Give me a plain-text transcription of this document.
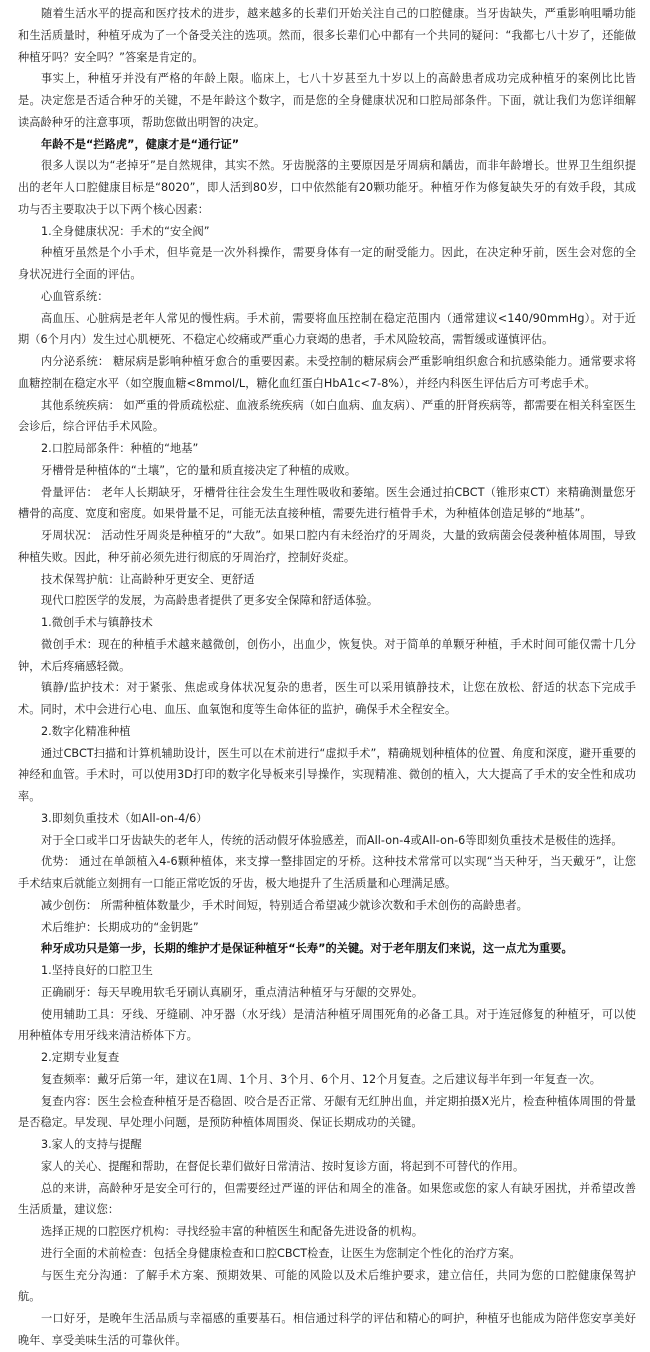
随着生活水平的提高和医疗技术的进步，越来越多的长辈们开始关注自己的口腔健康。当牙齿缺失，严重影响咀嚼功能和生活质量时，种植牙成为了一个备受关注的选项。然而，很多长辈们心中都有一个共同的疑问：“我都七八十岁了，还能做种植牙吗？安全吗？”答案是肯定的。

事实上，种植牙并没有严格的年龄上限。临床上，七八十岁甚至九十岁以上的高龄患者成功完成种植牙的案例比比皆是。决定您是否适合种牙的关键，不是年龄这个数字，而是您的全身健康状况和口腔局部条件。下面，就让我们为您详细解读高龄种牙的注意事项，帮助您做出明智的决定。

年龄不是“拦路虎”，健康才是“通行证”

很多人误以为“老掉牙”是自然规律，其实不然。牙齿脱落的主要原因是牙周病和龋齿，而非年龄增长。世界卫生组织提出的老年人口腔健康目标是“8020”，即人活到80岁，口中依然能有20颗功能牙。种植牙作为修复缺失牙的有效手段，其成功与否主要取决于以下两个核心因素：

1.全身健康状况：手术的“安全阀”

种植牙虽然是个小手术，但毕竟是一次外科操作，需要身体有一定的耐受能力。因此，在决定种牙前，医生会对您的全身状况进行全面的评估。

心血管系统：

高血压、心脏病是老年人常见的慢性病。手术前，需要将血压控制在稳定范围内（通常建议<140/90mmHg）。对于近期（6个月内）发生过心肌梗死、不稳定心绞痛或严重心力衰竭的患者，手术风险较高，需暂缓或谨慎评估。

内分泌系统： 糖尿病是影响种植牙愈合的重要因素。未受控制的糖尿病会严重影响组织愈合和抗感染能力。通常要求将血糖控制在稳定水平（如空腹血糖<8mmol/L，糖化血红蛋白HbA1c<7-8%），并经内科医生评估后方可考虑手术。

其他系统疾病： 如严重的骨质疏松症、血液系统疾病（如白血病、血友病）、严重的肝肾疾病等，都需要在相关科室医生会诊后，综合评估手术风险。

2.口腔局部条件：种植的“地基”

牙槽骨是种植体的“土壤”，它的量和质直接决定了种植的成败。

骨量评估： 老年人长期缺牙，牙槽骨往往会发生生理性吸收和萎缩。医生会通过拍CBCT（锥形束CT）来精确测量您牙槽骨的高度、宽度和密度。如果骨量不足，可能无法直接种植，需要先进行植骨手术，为种植体创造足够的“地基”。

牙周状况： 活动性牙周炎是种植牙的“大敌”。如果口腔内有未经治疗的牙周炎，大量的致病菌会侵袭种植体周围，导致种植失败。因此，种牙前必须先进行彻底的牙周治疗，控制好炎症。

技术保驾护航：让高龄种牙更安全、更舒适

现代口腔医学的发展，为高龄患者提供了更多安全保障和舒适体验。

1.微创手术与镇静技术

微创手术：现在的种植手术越来越微创，创伤小，出血少，恢复快。对于简单的单颗牙种植，手术时间可能仅需十几分钟，术后疼痛感轻微。

镇静/监护技术：对于紧张、焦虑或身体状况复杂的患者，医生可以采用镇静技术，让您在放松、舒适的状态下完成手术。同时，术中会进行心电、血压、血氧饱和度等生命体征的监护，确保手术全程安全。

2.数字化精准种植

通过CBCT扫描和计算机辅助设计，医生可以在术前进行“虚拟手术”，精确规划种植体的位置、角度和深度，避开重要的神经和血管。手术时，可以使用3D打印的数字化导板来引导操作，实现精准、微创的植入，大大提高了手术的安全性和成功率。

3.即刻负重技术（如All-on-4/6）

对于全口或半口牙齿缺失的老年人，传统的活动假牙体验感差，而All-on-4或All-on-6等即刻负重技术是极佳的选择。

优势： 通过在单颌植入4-6颗种植体，来支撑一整排固定的牙桥。这种技术常常可以实现“当天种牙，当天戴牙”，让您手术结束后就能立刻拥有一口能正常吃饭的牙齿，极大地提升了生活质量和心理满足感。

减少创伤： 所需种植体数量少，手术时间短，特别适合希望减少就诊次数和手术创伤的高龄患者。

术后维护：长期成功的“金钥匙”

种牙成功只是第一步，长期的维护才是保证种植牙“长寿”的关键。对于老年朋友们来说，这一点尤为重要。

1.坚持良好的口腔卫生

正确刷牙：每天早晚用软毛牙刷认真刷牙，重点清洁种植牙与牙龈的交界处。

使用辅助工具：牙线、牙缝刷、冲牙器（水牙线）是清洁种植牙周围死角的必备工具。对于连冠修复的种植牙，可以使用种植体专用牙线来清洁桥体下方。

2.定期专业复查

复查频率：戴牙后第一年，建议在1周、1个月、3个月、6个月、12个月复查。之后建议每半年到一年复查一次。

复查内容：医生会检查种植牙是否稳固、咬合是否正常、牙龈有无红肿出血，并定期拍摄X光片，检查种植体周围的骨量是否稳定。早发现、早处理小问题，是预防种植体周围炎、保证长期成功的关键。

3.家人的支持与提醒

家人的关心、提醒和帮助，在督促长辈们做好日常清洁、按时复诊方面，将起到不可替代的作用。

总的来讲，高龄种牙是安全可行的，但需要经过严谨的评估和周全的准备。如果您或您的家人有缺牙困扰，并希望改善生活质量，建议您：

选择正规的口腔医疗机构：寻找经验丰富的种植医生和配备先进设备的机构。

进行全面的术前检查：包括全身健康检查和口腔CBCT检查，让医生为您制定个性化的治疗方案。

与医生充分沟通：了解手术方案、预期效果、可能的风险以及术后维护要求，建立信任，共同为您的口腔健康保驾护航。

一口好牙，是晚年生活品质与幸福感的重要基石。相信通过科学的评估和精心的呵护，种植牙也能成为陪伴您安享美好晚年、享受美味生活的可靠伙伴。
